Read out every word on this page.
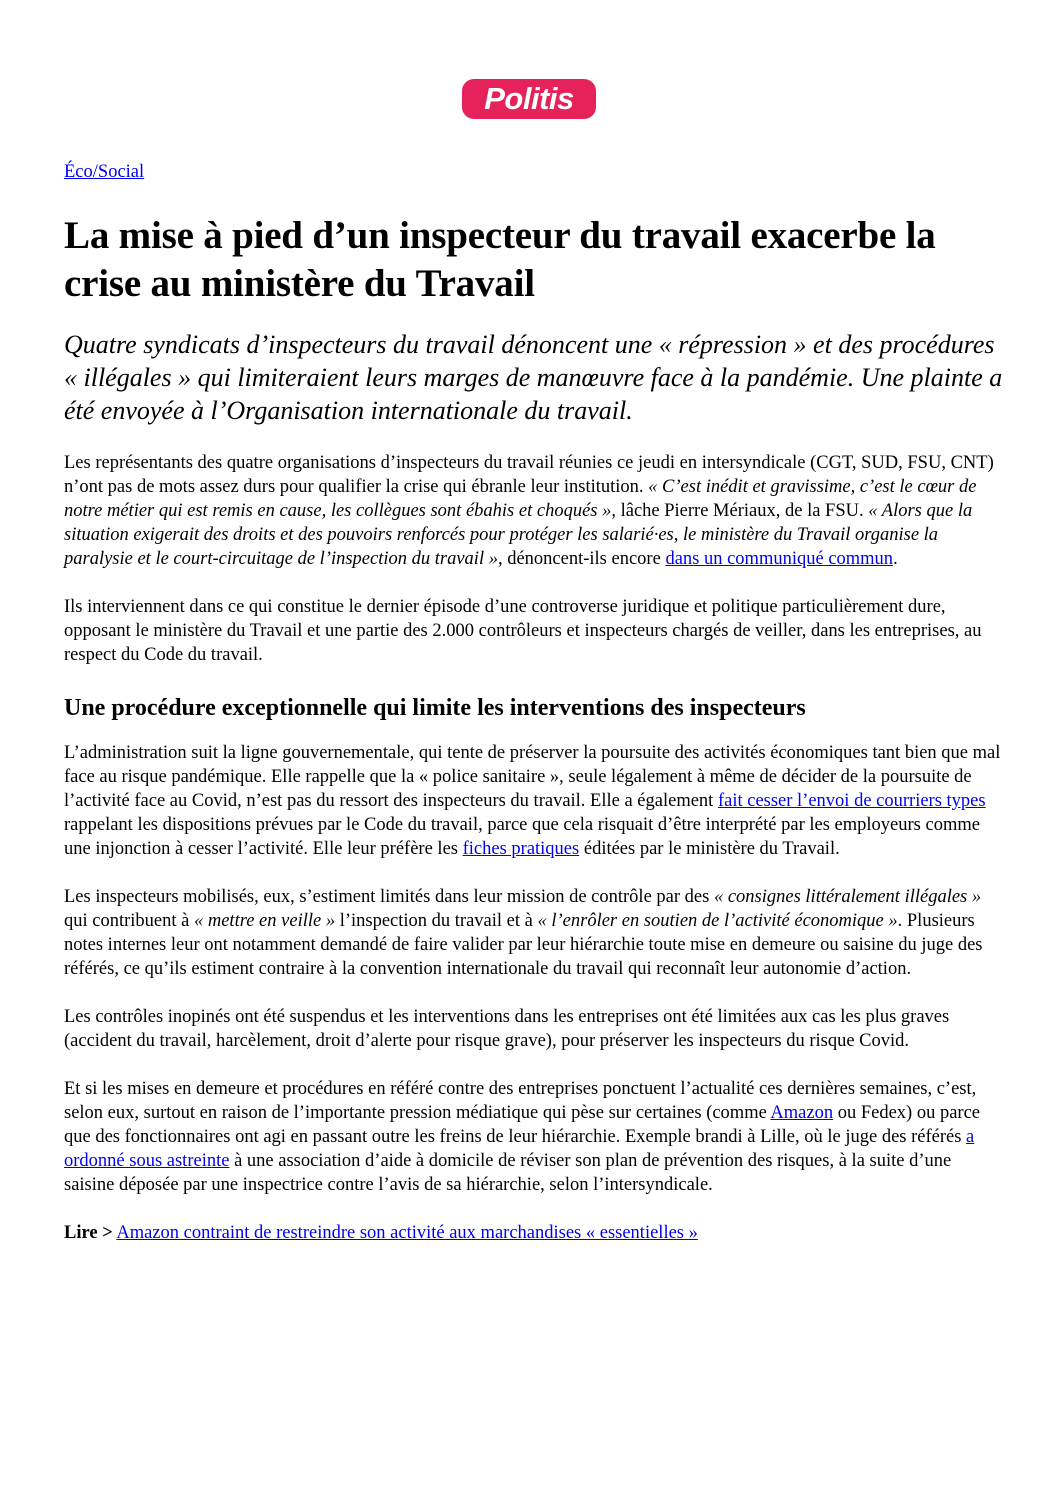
Politis
Éco/Social
La mise à pied d’un inspecteur du travail exacerbe la crise au ministère du Travail
Quatre syndicats d’inspecteurs du travail dénoncent une « répression » et des procédures « illégales » qui limiteraient leurs marges de manœuvre face à la pandémie. Une plainte a été envoyée à l’Organisation internationale du travail.

Les représentants des quatre organisations d’inspecteurs du travail réunies ce jeudi en intersyndicale (CGT, SUD, FSU, CNT) n’ont pas de mots assez durs pour qualifier la crise qui ébranle leur institution. « C’est inédit et gravissime, c’est le cœur de notre métier qui est remis en cause, les collègues sont ébahis et choqués », lâche Pierre Mériaux, de la FSU. « Alors que la situation exigerait des droits et des pouvoirs renforcés pour protéger les salarié·es, le ministère du Travail organise la paralysie et le court-circuitage de l’inspection du travail », dénoncent-ils encore dans un communiqué commun.

Ils interviennent dans ce qui constitue le dernier épisode d’une controverse juridique et politique particulièrement dure, opposant le ministère du Travail et une partie des 2.000 contrôleurs et inspecteurs chargés de veiller, dans les entreprises, au respect du Code du travail.

Une procédure exceptionnelle qui limite les interventions des inspecteurs

L’administration suit la ligne gouvernementale, qui tente de préserver la poursuite des activités économiques tant bien que mal face au risque pandémique. Elle rappelle que la « police sanitaire », seule légalement à même de décider de la poursuite de l’activité face au Covid, n’est pas du ressort des inspecteurs du travail. Elle a également fait cesser l’envoi de courriers types rappelant les dispositions prévues par le Code du travail, parce que cela risquait d’être interprété par les employeurs comme une injonction à cesser l’activité. Elle leur préfère les fiches pratiques éditées par le ministère du Travail.

Les inspecteurs mobilisés, eux, s’estiment limités dans leur mission de contrôle par des « consignes littéralement illégales » qui contribuent à « mettre en veille » l’inspection du travail et à « l’enrôler en soutien de l’activité économique ». Plusieurs notes internes leur ont notamment demandé de faire valider par leur hiérarchie toute mise en demeure ou saisine du juge des référés, ce qu’ils estiment contraire à la convention internationale du travail qui reconnaît leur autonomie d’action.

Les contrôles inopinés ont été suspendus et les interventions dans les entreprises ont été limitées aux cas les plus graves (accident du travail, harcèlement, droit d’alerte pour risque grave), pour préserver les inspecteurs du risque Covid.

Et si les mises en demeure et procédures en référé contre des entreprises ponctuent l’actualité ces dernières semaines, c’est, selon eux, surtout en raison de l’importante pression médiatique qui pèse sur certaines (comme Amazon ou Fedex) ou parce que des fonctionnaires ont agi en passant outre les freins de leur hiérarchie. Exemple brandi à Lille, où le juge des référés a ordonné sous astreinte à une association d’aide à domicile de réviser son plan de prévention des risques, à la suite d’une saisine déposée par une inspectrice contre l’avis de sa hiérarchie, selon l’intersyndicale.

Lire > Amazon contraint de restreindre son activité aux marchandises « essentielles »
